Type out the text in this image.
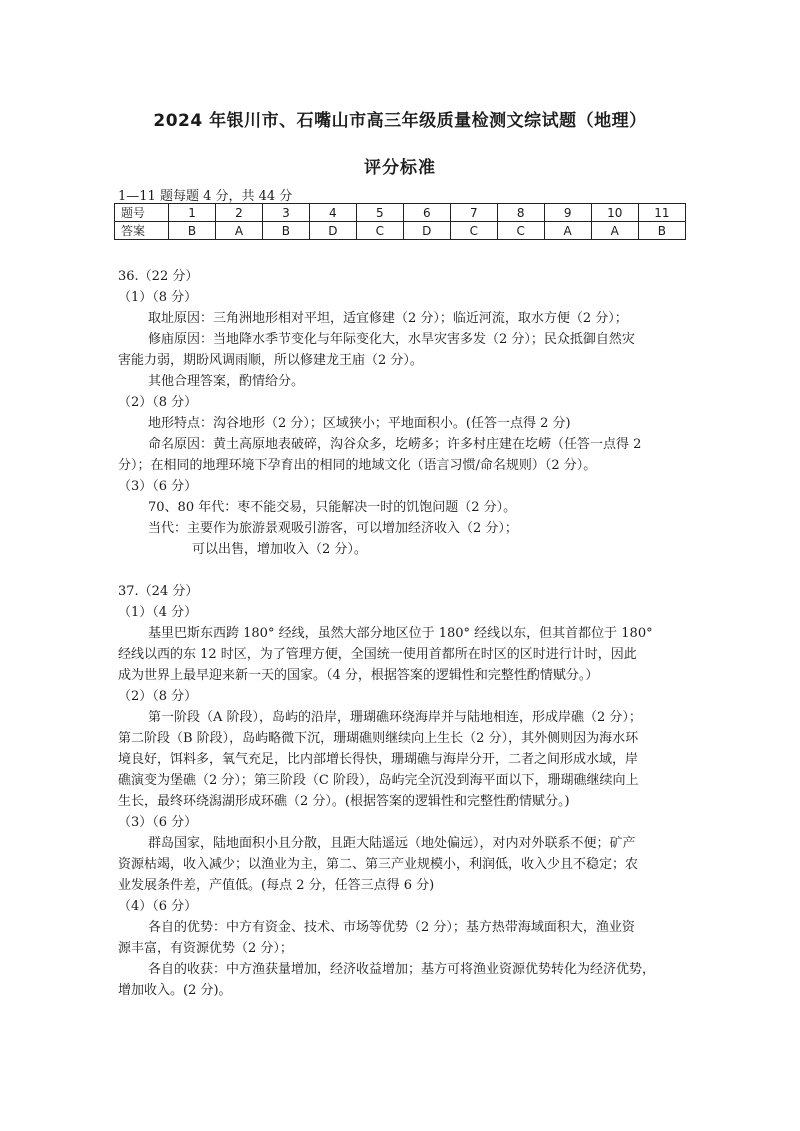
2024 年银川市、石嘴山市高三年级质量检测文综试题（地理）
评分标准
1—11 题每题 4 分，共 44 分
题号	1	2	3	4	5	6	7	8	9	10	11
答案	B	A	B	D	C	D	C	C	A	A	B
36.（22 分）
（1）（8 分）
取址原因：三角洲地形相对平坦，适宜修建（2 分）；临近河流，取水方便（2 分）；
修庙原因：当地降水季节变化与年际变化大，水旱灾害多发（2 分）；民众抵御自然灾
害能力弱，期盼风调雨顺，所以修建龙王庙（2 分）。
其他合理答案，酌情给分。
（2）（8 分）
地形特点：沟谷地形（2 分）；区域狭小；平地面积小。(任答一点得 2 分)
命名原因：黄土高原地表破碎，沟谷众多，圪崂多；许多村庄建在圪崂（任答一点得 2
分）；在相同的地理环境下孕育出的相同的地域文化（语言习惯/命名规则）（2 分）。
（3）（6 分）
70、80 年代：枣不能交易，只能解决一时的饥饱问题（2 分）。
当代：主要作为旅游景观吸引游客，可以增加经济收入（2 分）；
可以出售，增加收入（2 分）。
37.（24 分）
（1）（4 分）
基里巴斯东西跨 180° 经线，虽然大部分地区位于 180° 经线以东，但其首都位于 180°
经线以西的东 12 时区，为了管理方便，全国统一使用首都所在时区的区时进行计时，因此
成为世界上最早迎来新一天的国家。（4 分，根据答案的逻辑性和完整性酌情赋分。）
（2）（8 分）
第一阶段（A 阶段），岛屿的沿岸，珊瑚礁环绕海岸并与陆地相连，形成岸礁（2 分）；
第二阶段（B 阶段），岛屿略微下沉，珊瑚礁则继续向上生长（2 分），其外侧则因为海水环
境良好，饵料多，氧气充足，比内部增长得快，珊瑚礁与海岸分开，二者之间形成水域，岸
礁演变为堡礁（2 分）；第三阶段（C 阶段），岛屿完全沉没到海平面以下，珊瑚礁继续向上
生长，最终环绕潟湖形成环礁（2 分）。(根据答案的逻辑性和完整性酌情赋分。)
（3）（6 分）
群岛国家，陆地面积小且分散，且距大陆遥远（地处偏远），对内对外联系不便；矿产
资源枯竭，收入减少；以渔业为主，第二、第三产业规模小，利润低，收入少且不稳定；农
业发展条件差，产值低。(每点 2 分，任答三点得 6 分)
（4）（6 分）
各自的优势：中方有资金、技术、市场等优势（2 分）；基方热带海域面积大，渔业资
源丰富，有资源优势（2 分）；
各自的收获：中方渔获量增加，经济收益增加；基方可将渔业资源优势转化为经济优势，
增加收入。(2 分)。
